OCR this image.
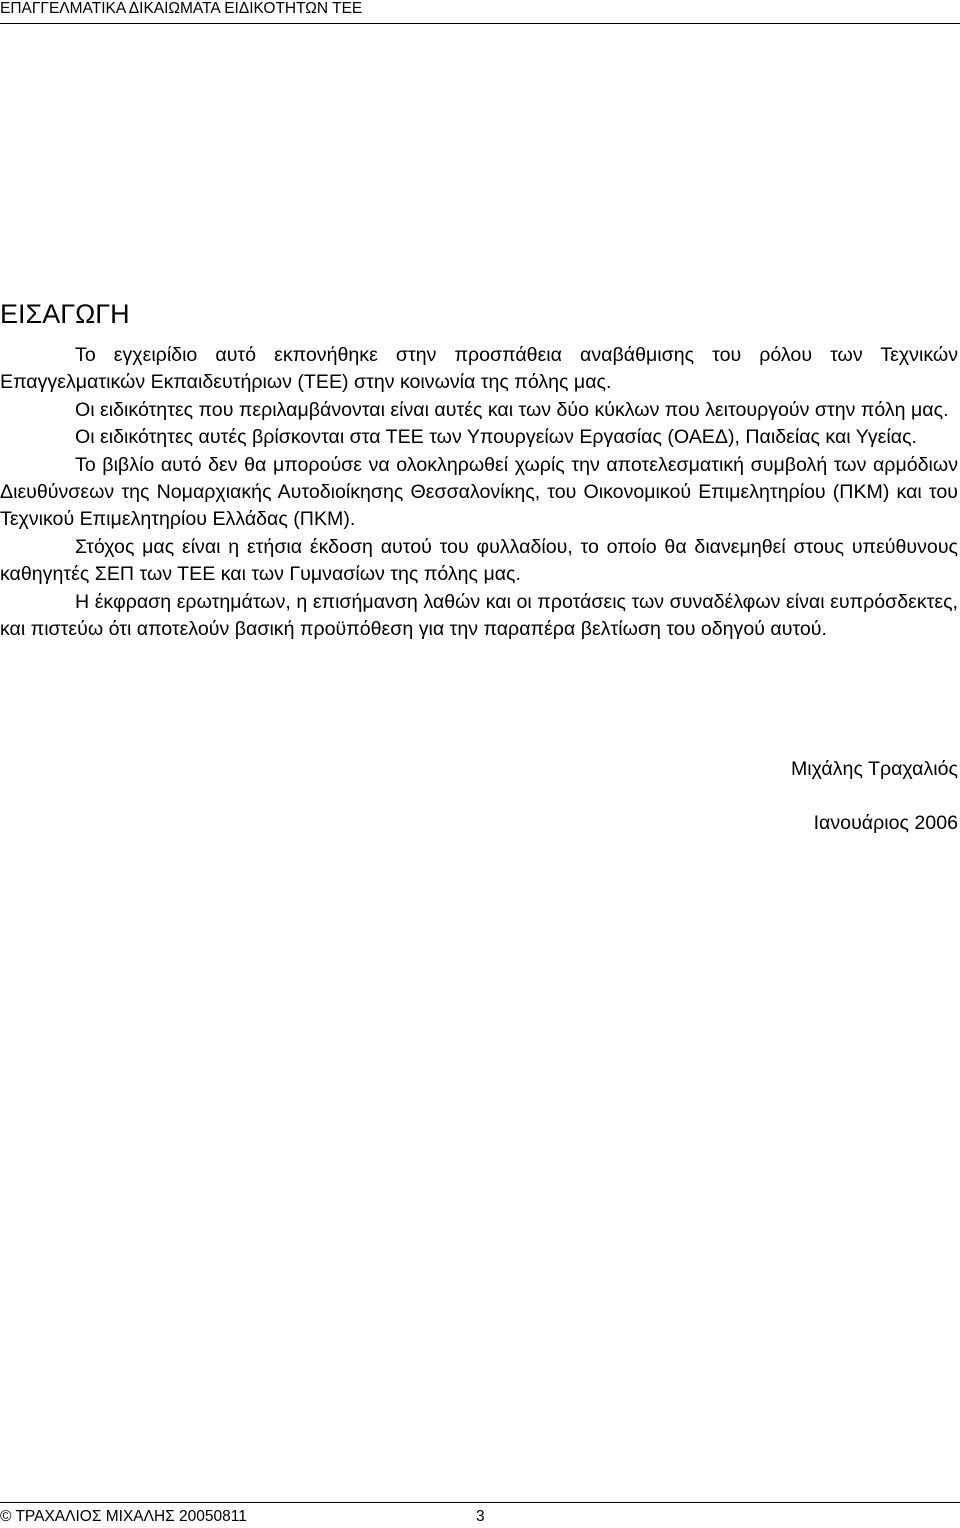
ΕΠΑΓΓΕΛΜΑΤΙΚΑ ΔΙΚΑΙΩΜΑΤΑ ΕΙΔΙΚΟΤΗΤΩΝ ΤΕΕ
ΕΙΣΑΓΩΓΗ

Το εγχειρίδιο αυτό εκπονήθηκε στην προσπάθεια αναβάθμισης του ρόλου των Τεχνικών Επαγγελματικών Εκπαιδευτήριων (ΤΕΕ) στην κοινωνία της πόλης μας.

Οι ειδικότητες που περιλαμβάνονται είναι αυτές και των δύο κύκλων που λειτουργούν στην πόλη μας.

Οι ειδικότητες αυτές βρίσκονται στα ΤΕΕ των Υπουργείων Εργασίας (ΟΑΕΔ), Παιδείας και Υγείας.

Το βιβλίο αυτό δεν θα μπορούσε να ολοκληρωθεί χωρίς την αποτελεσματική συμβολή των αρμόδιων Διευθύνσεων της Νομαρχιακής Αυτοδιοίκησης Θεσσαλονίκης, του Οικονομικού Επιμελητηρίου (ΠΚΜ) και του Τεχνικού Επιμελητηρίου Ελλάδας (ΠΚΜ).

Στόχος μας είναι η ετήσια έκδοση αυτού του φυλλαδίου, το οποίο θα διανεμηθεί στους υπεύθυνους καθηγητές ΣΕΠ των ΤΕΕ και των Γυμνασίων της πόλης μας.

Η έκφραση ερωτημάτων, η επισήμανση λαθών και οι προτάσεις των συναδέλφων είναι ευπρόσδεκτες, και πιστεύω ότι αποτελούν βασική προϋπόθεση για την παραπέρα βελτίωση του οδηγού αυτού.

Μιχάλης Τραχαλιός
Ιανουάριος 2006
© ΤΡΑΧΑΛΙΟΣ ΜΙΧΑΛΗΣ 20050811	3
